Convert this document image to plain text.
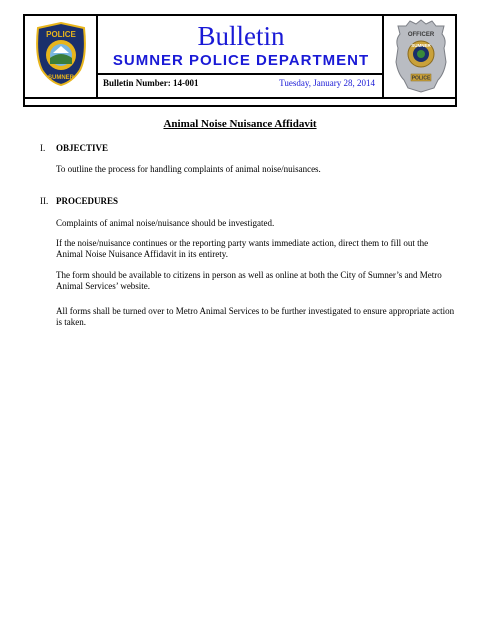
POLICE
SUMNER
Bulletin
SUMNER POLICE DEPARTMENT
Bulletin Number: 14-001	Tuesday, January 28, 2014
OFFICER
SUMNER
POLICE
Animal Noise Nuisance Affidavit
I. OBJECTIVE
To outline the process for handling complaints of animal noise/nuisances.
II. PROCEDURES
Complaints of animal noise/nuisance should be investigated.
If the noise/nuisance continues or the reporting party wants immediate action, direct them to fill out the Animal Noise Nuisance Affidavit in its entirety.
The form should be available to citizens in person as well as online at both the City of Sumner’s and Metro Animal Services’ website.
All forms shall be turned over to Metro Animal Services to be further investigated to ensure appropriate action is taken.
